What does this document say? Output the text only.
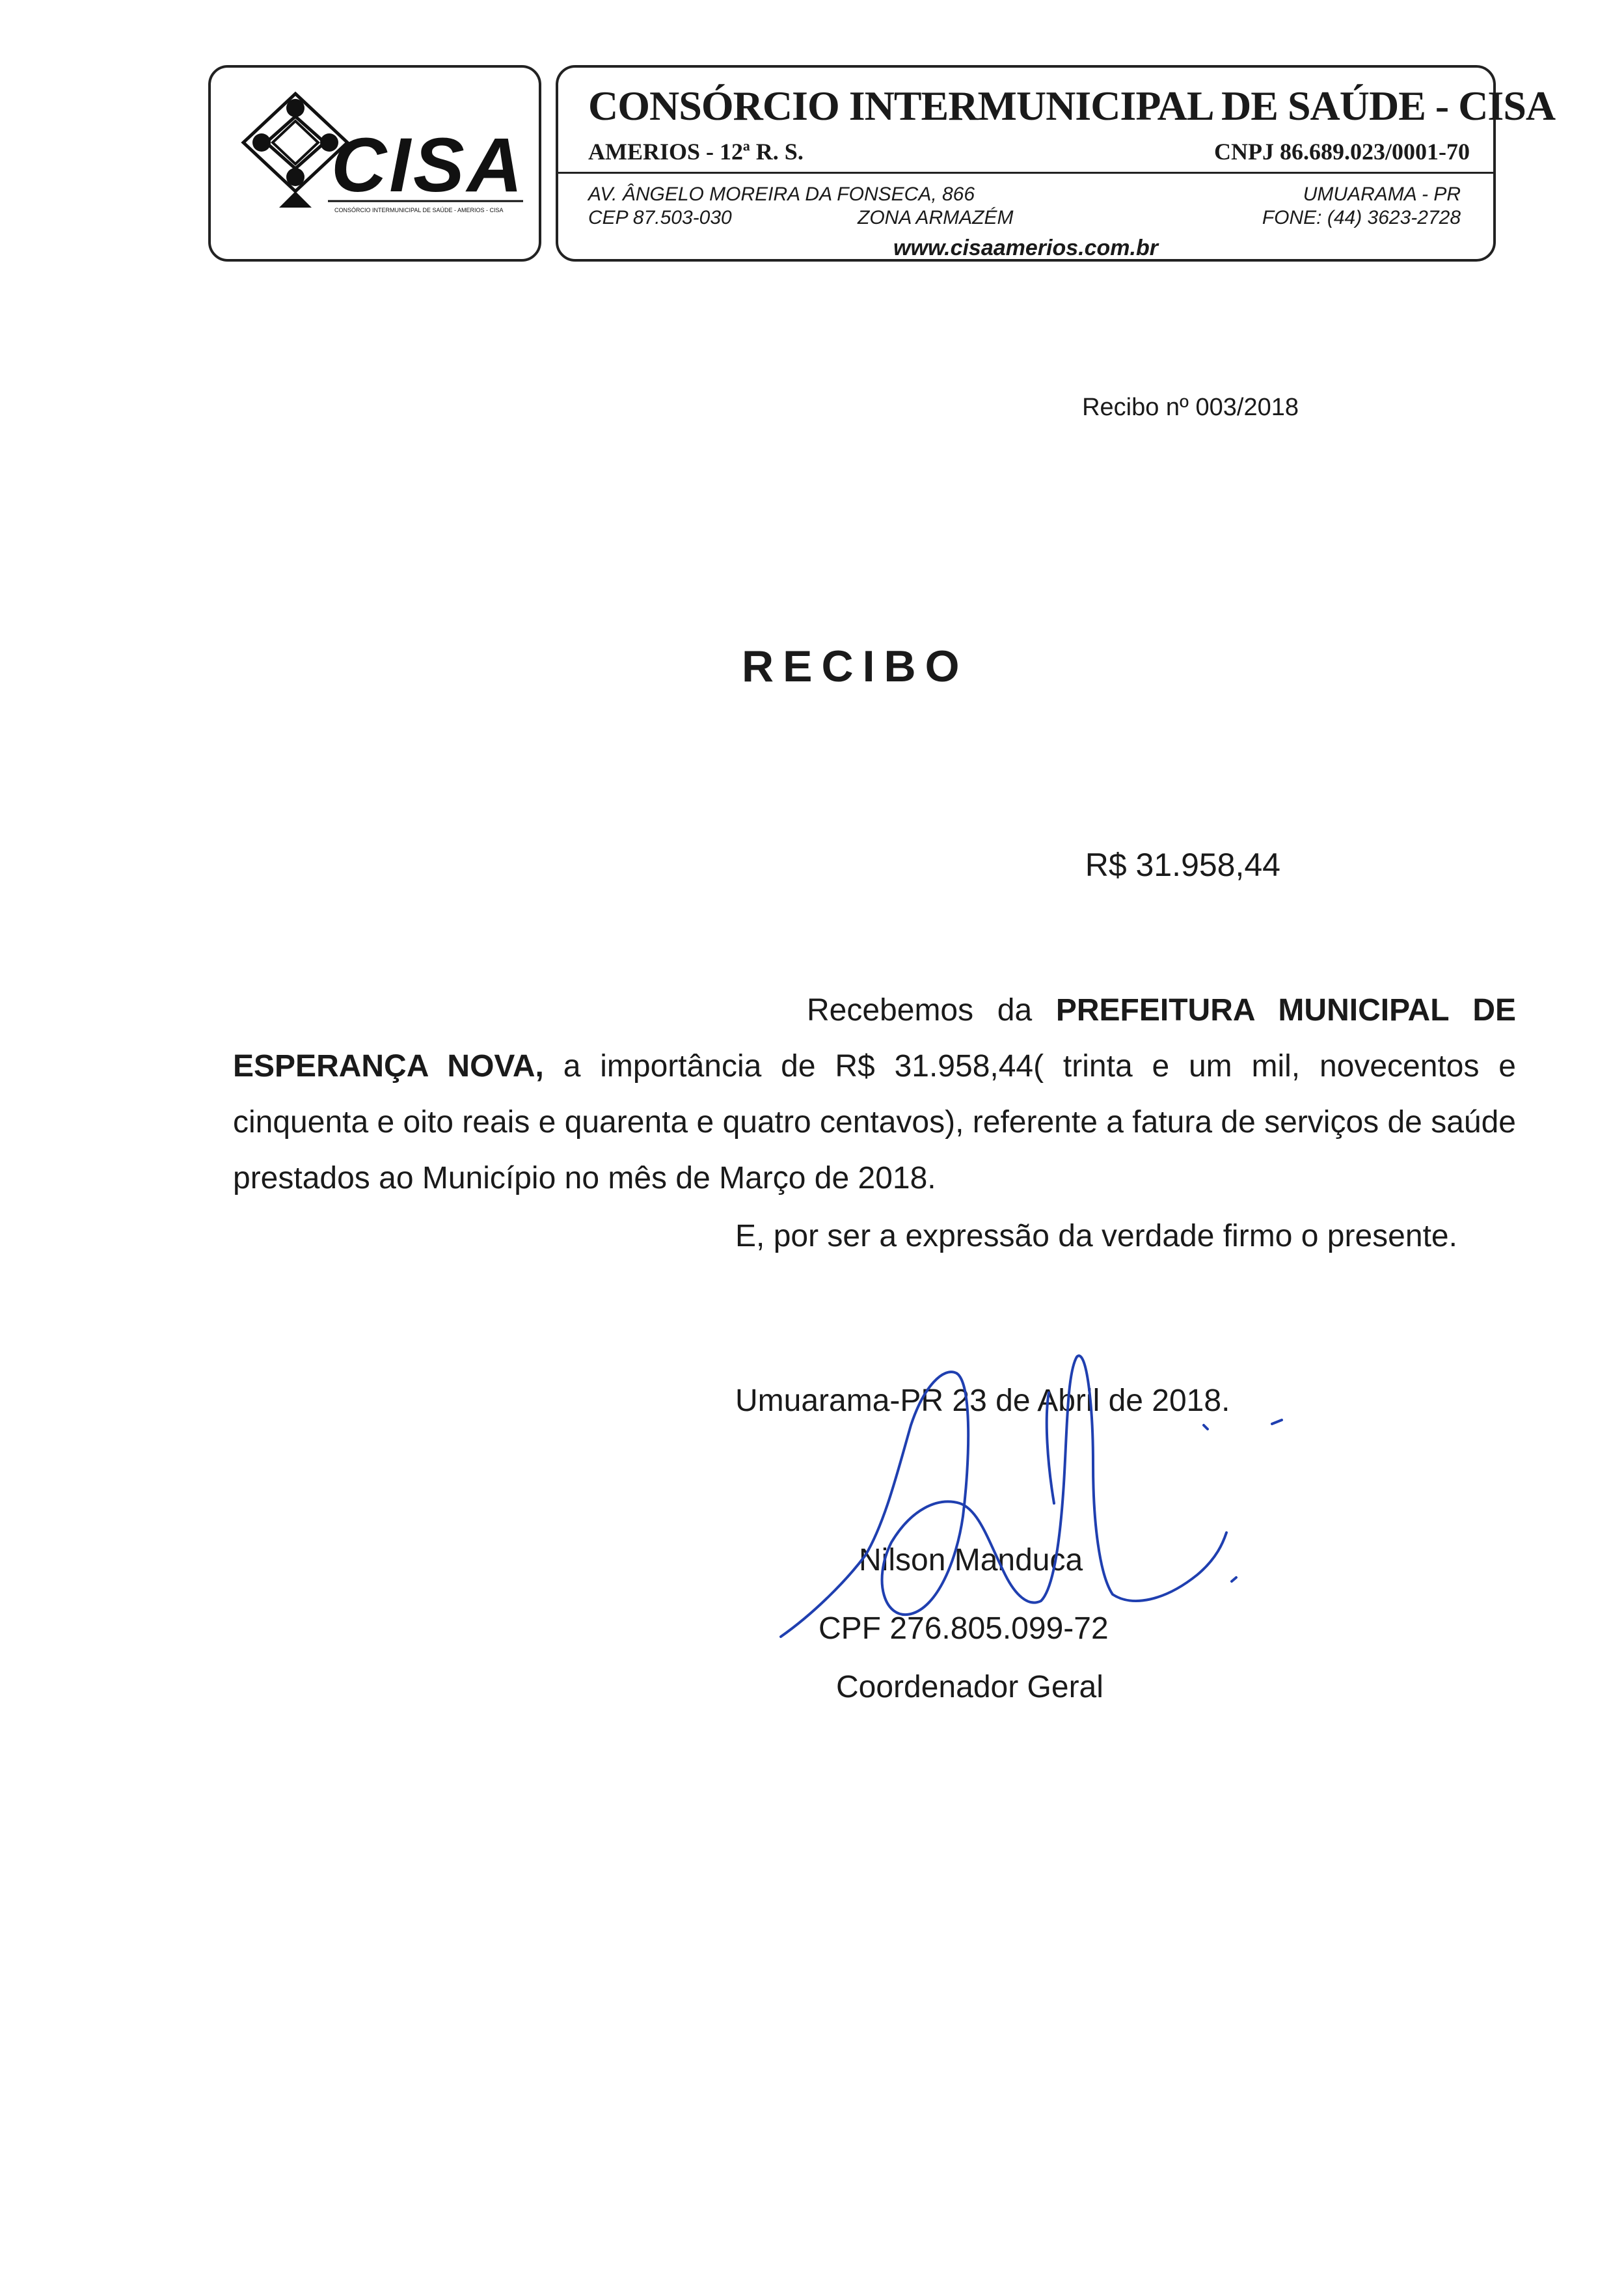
CISA
CONSÓRCIO INTERMUNICIPAL DE SAÚDE - AMERIOS - CISA
CONSÓRCIO INTERMUNICIPAL DE SAÚDE - CISA
AMERIOS - 12ª R. S.	CNPJ 86.689.023/0001-70
AV. ÂNGELO MOREIRA DA FONSECA, 866	UMUARAMA - PR
CEP 87.503-030	ZONA ARMAZÉM	FONE: (44) 3623-2728
www.cisaamerios.com.br
Recibo nº 003/2018
RECIBO
R$ 31.958,44
Recebemos da PREFEITURA MUNICIPAL DE ESPERANÇA NOVA, a importância de R$ 31.958,44( trinta e um mil, novecentos e cinquenta e oito reais e quarenta e quatro centavos), referente a fatura de serviços de saúde prestados ao Município no mês de Março de 2018.
E, por ser a expressão da verdade firmo o presente.
Umuarama-PR 23 de Abril de 2018.
Nilson Manduca
CPF 276.805.099-72
Coordenador Geral
